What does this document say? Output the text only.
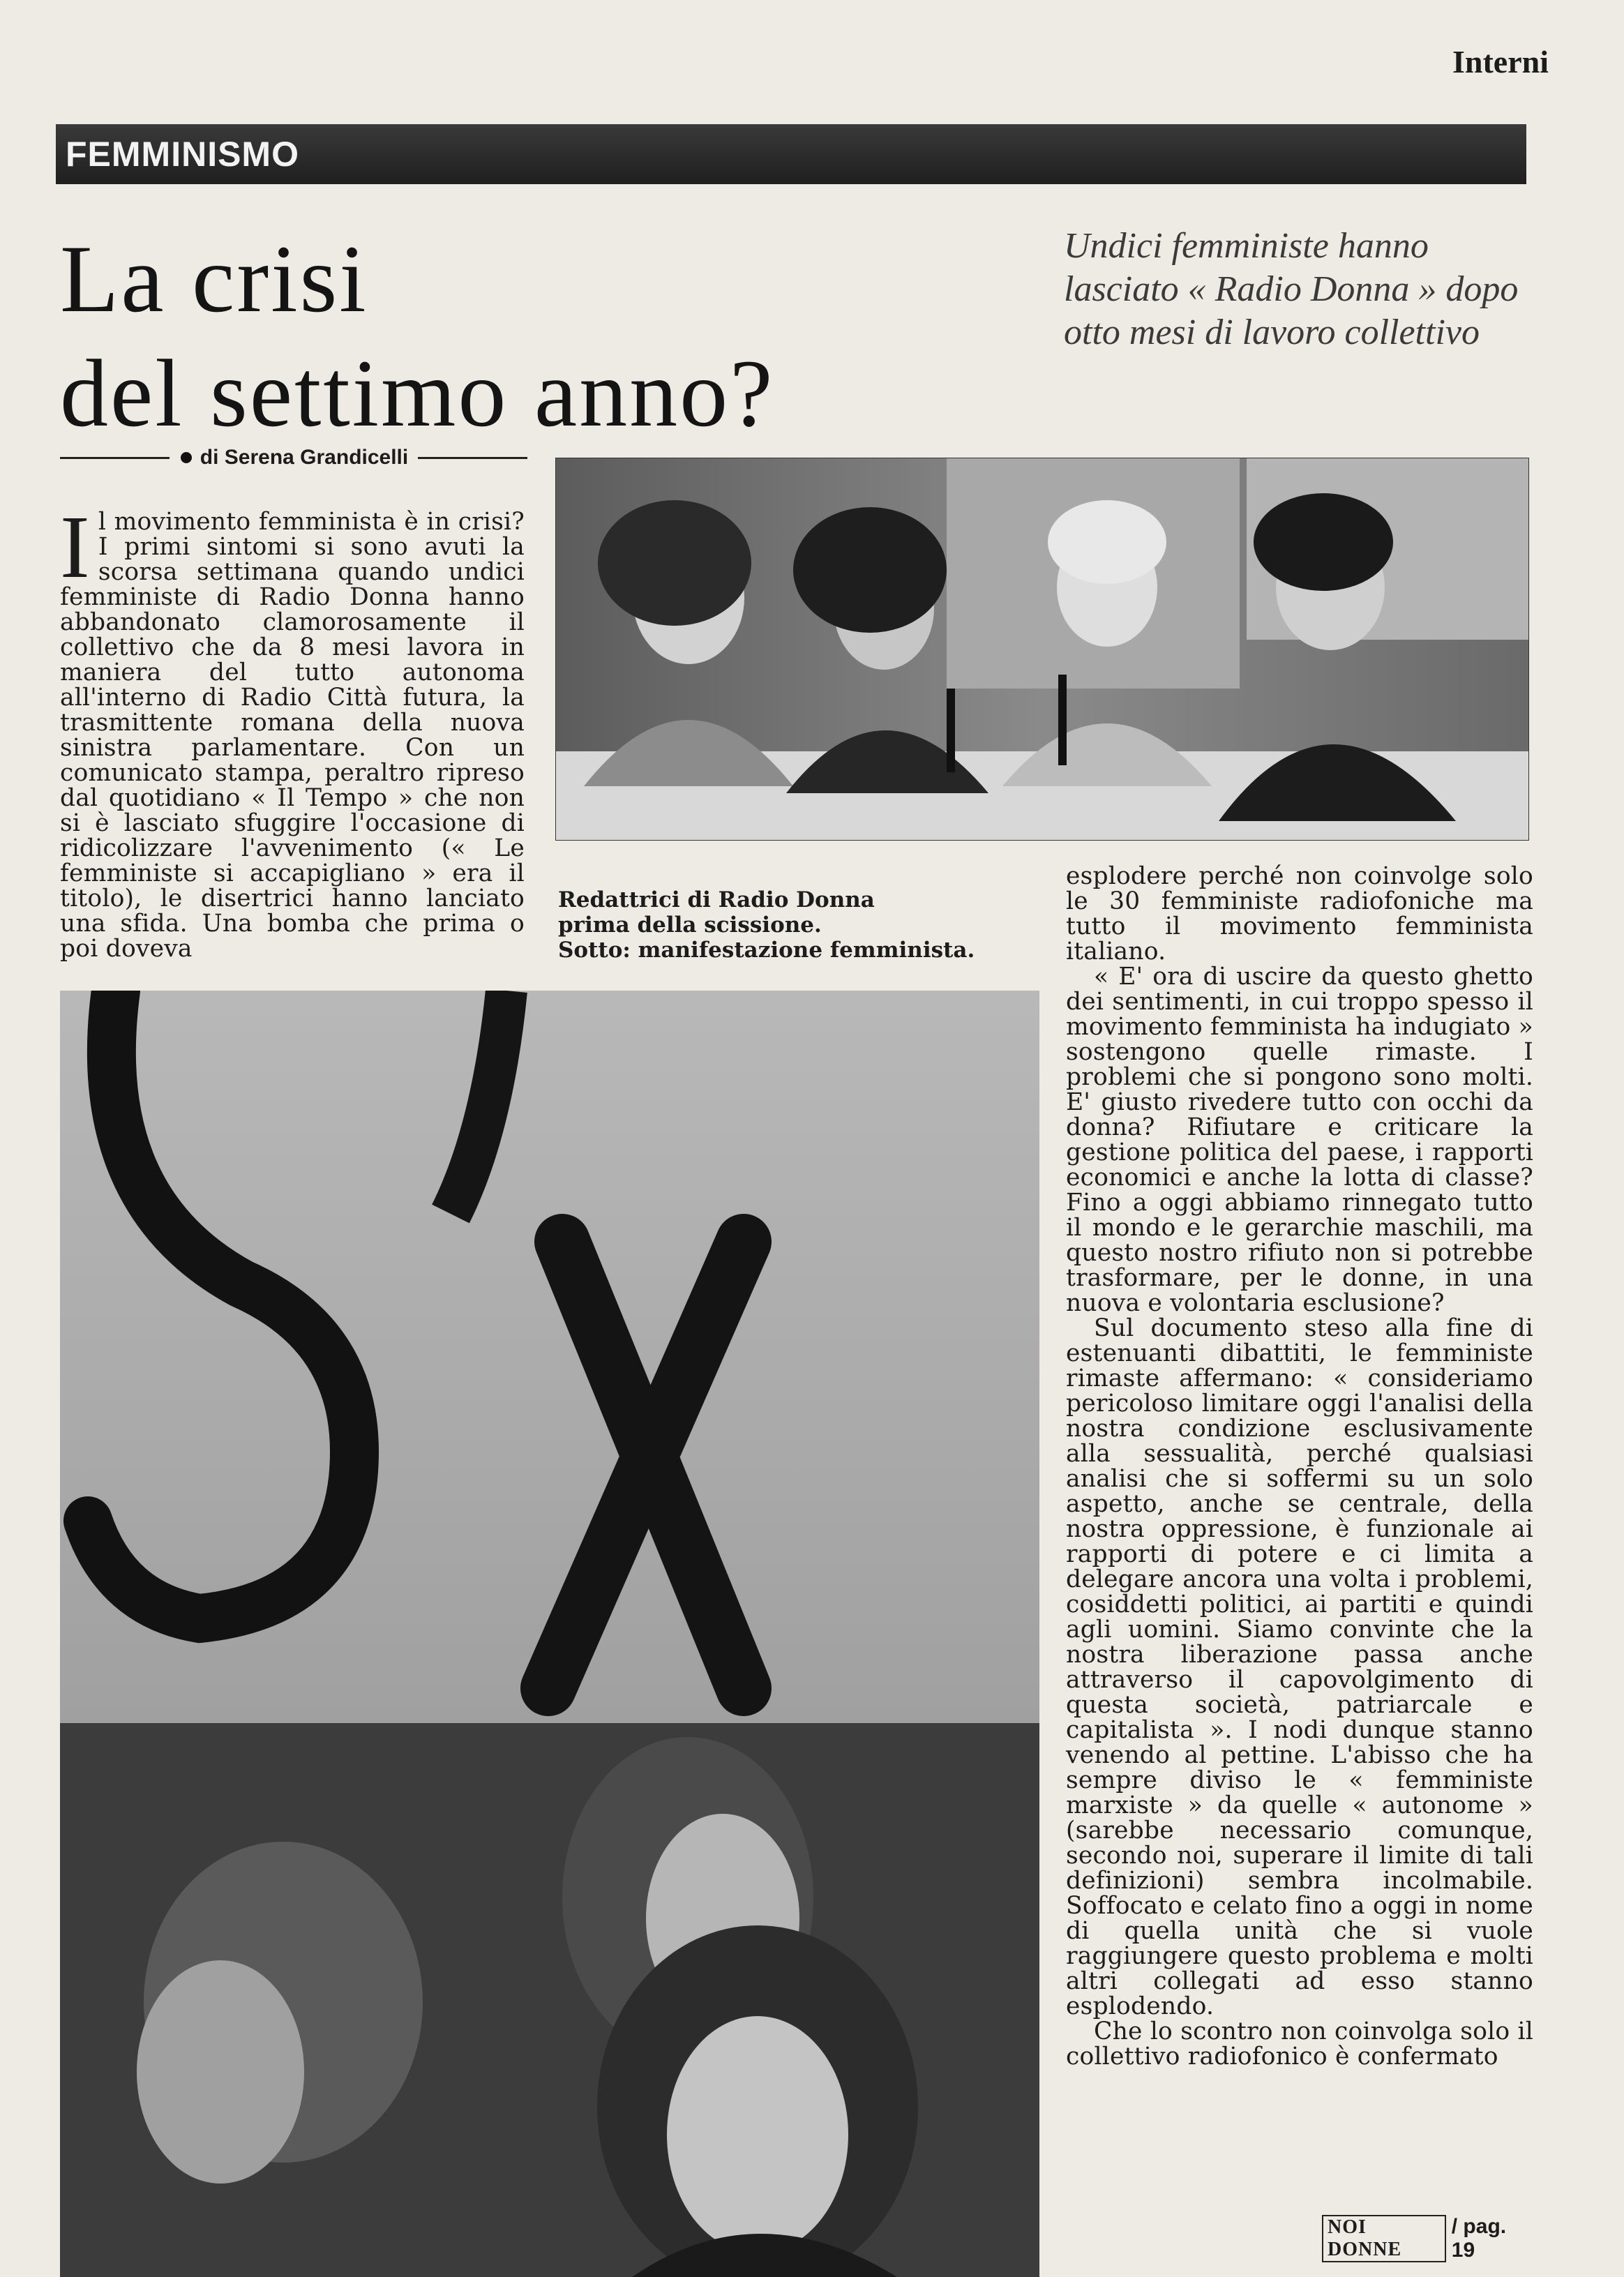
Interni
FEMMINISMO
La crisi
del settimo anno?

Undici femministe hanno lasciato « Radio Donna » dopo otto mesi di lavoro collettivo

di Serena Grandicelli
I l movimento femminista è in crisi? I primi sintomi si sono avuti la scorsa settimana quando undici femministe di Radio Donna hanno abbandonato clamorosamente il collettivo che da 8 mesi lavora in maniera del tutto autonoma all'interno di Radio Città futura, la trasmittente romana della nuova sinistra parlamentare. Con un comunicato stampa, peraltro ripreso dal quotidiano « Il Tempo » che non si è lasciato sfuggire l'occasione di ridicolizzare l'avvenimento (« Le femministe si accapigliano » era il titolo), le disertrici hanno lanciato una sfida. Una bomba che prima o poi doveva

Redattrici di Radio Donna
prima della scissione.
Sotto: manifestazione femminista.

esplodere perché non coinvolge solo le 30 femministe radiofoniche ma tutto il movimento femminista italiano.

« E' ora di uscire da questo ghetto dei sentimenti, in cui troppo spesso il movimento femminista ha indugiato » sostengono quelle rimaste. I problemi che si pongono sono molti. E' giusto rivedere tutto con occhi da donna? Rifiutare e criticare la gestione politica del paese, i rapporti economici e anche la lotta di classe? Fino a oggi abbiamo rinnegato tutto il mondo e le gerarchie maschili, ma questo nostro rifiuto non si potrebbe trasformare, per le donne, in una nuova e volontaria esclusione?

Sul documento steso alla fine di estenuanti dibattiti, le femministe rimaste affermano: « consideriamo pericoloso limitare oggi l'analisi della nostra condizione esclusivamente alla sessualità, perché qualsiasi analisi che si soffermi su un solo aspetto, anche se centrale, della nostra oppressione, è funzionale ai rapporti di potere e ci limita a delegare ancora una volta i problemi, cosiddetti politici, ai partiti e quindi agli uomini. Siamo convinte che la nostra liberazione passa anche attraverso il capovolgimento di questa società, patriarcale e capitalista ». I nodi dunque stanno venendo al pettine. L'abisso che ha sempre diviso le « femministe marxiste » da quelle « autonome » (sarebbe necessario comunque, secondo noi, superare il limite di tali definizioni) sembra incolmabile. Soffocato e celato fino a oggi in nome di quella unità che si vuole raggiungere questo problema e molti altri collegati ad esso stanno esplodendo.

Che lo scontro non coinvolga solo il collettivo radiofonico è confermato

NOI DONNE
/ pag. 19
